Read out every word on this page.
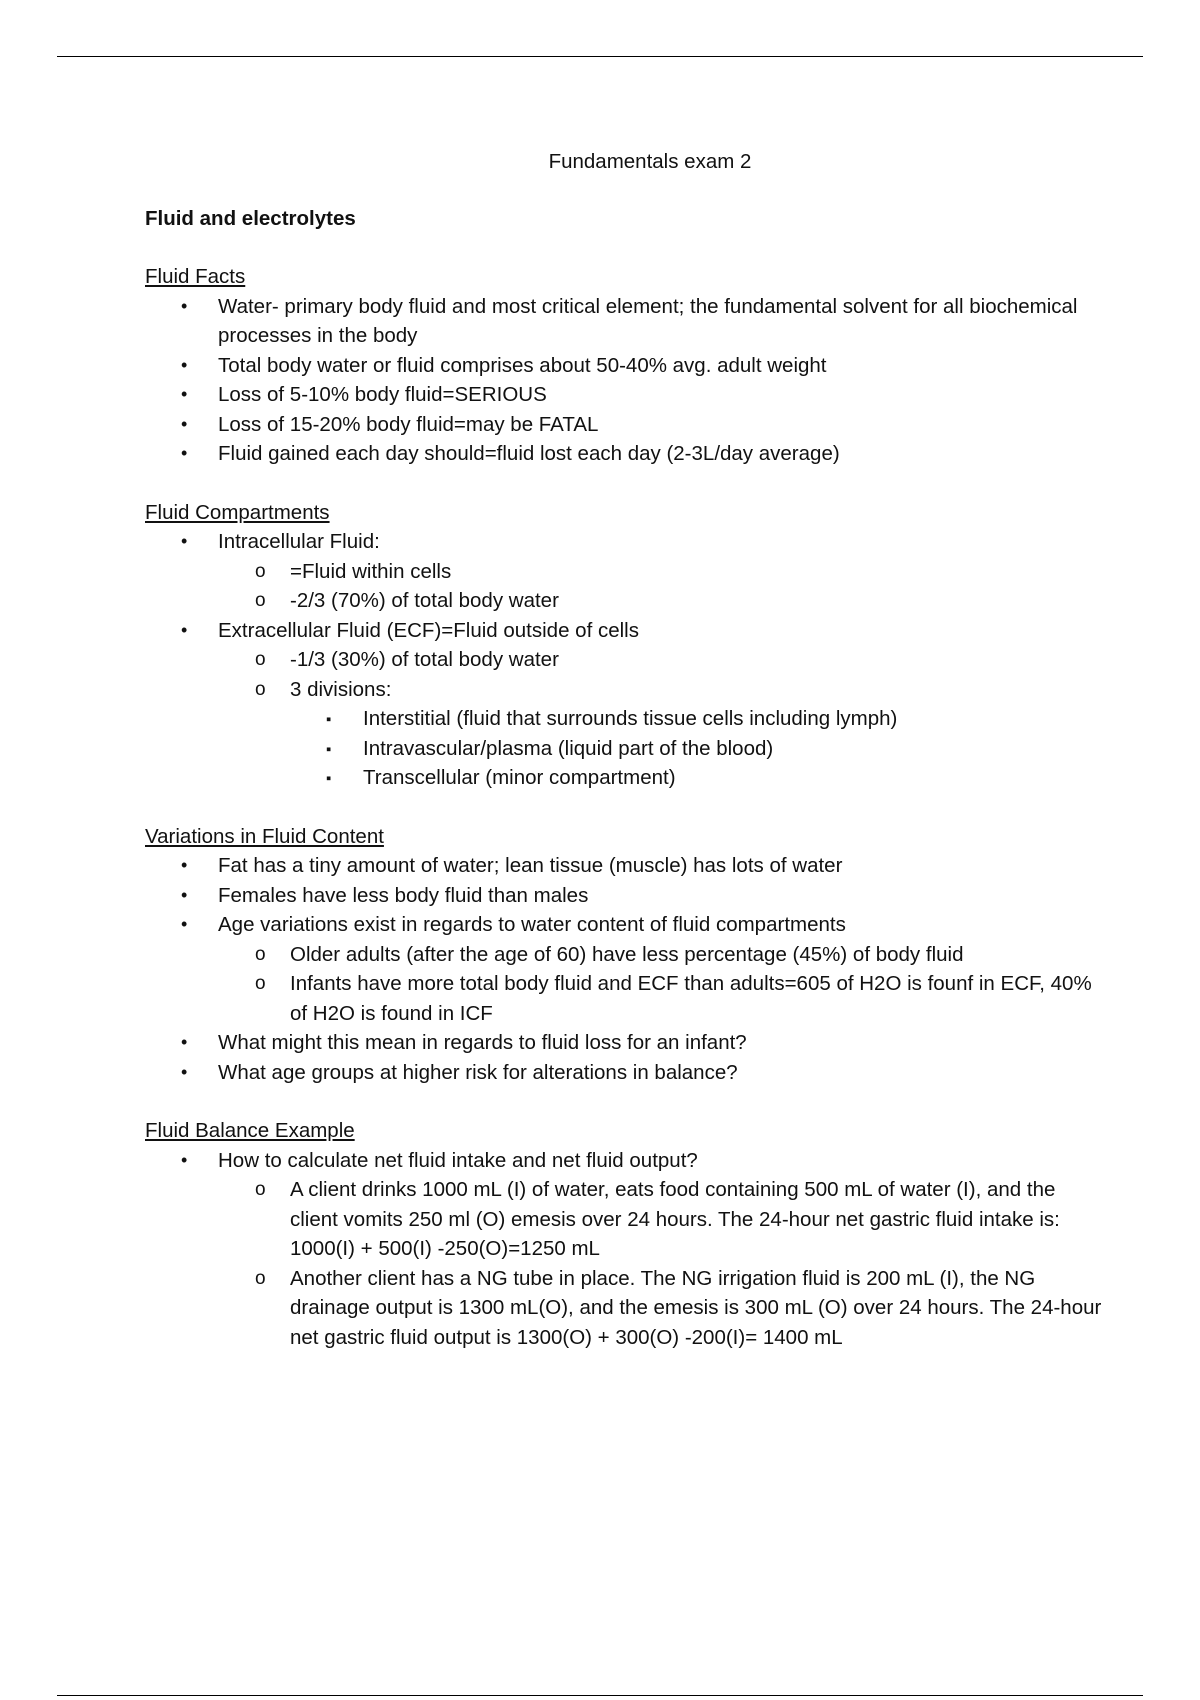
Fundamentals exam 2
Fluid and electrolytes
Fluid Facts
• Water- primary body fluid and most critical element; the fundamental solvent for all biochemical processes in the body
• Total body water or fluid comprises about 50-40% avg. adult weight
• Loss of 5-10% body fluid=SERIOUS
• Loss of 15-20% body fluid=may be FATAL
• Fluid gained each day should=fluid lost each day (2-3L/day average)
Fluid Compartments
• Intracellular Fluid:
o =Fluid within cells
o -2/3 (70%) of total body water
• Extracellular Fluid (ECF)=Fluid outside of cells
o -1/3 (30%) of total body water
o 3 divisions:
▪ Interstitial (fluid that surrounds tissue cells including lymph)
▪ Intravascular/plasma (liquid part of the blood)
▪ Transcellular (minor compartment)
Variations in Fluid Content
• Fat has a tiny amount of water; lean tissue (muscle) has lots of water
• Females have less body fluid than males
• Age variations exist in regards to water content of fluid compartments
o Older adults (after the age of 60) have less percentage (45%) of body fluid
o Infants have more total body fluid and ECF than adults=605 of H2O is founf in ECF, 40% of H2O is found in ICF
• What might this mean in regards to fluid loss for an infant?
• What age groups at higher risk for alterations in balance?
Fluid Balance Example
• How to calculate net fluid intake and net fluid output?
o A client drinks 1000 mL (I) of water, eats food containing 500 mL of water (I), and the client vomits 250 ml (O) emesis over 24 hours. The 24-hour net gastric fluid intake is: 1000(I) + 500(I) -250(O)=1250 mL
o Another client has a NG tube in place. The NG irrigation fluid is 200 mL (I), the NG drainage output is 1300 mL(O), and the emesis is 300 mL (O) over 24 hours. The 24-hour net gastric fluid output is 1300(O) + 300(O) -200(I)= 1400 mL
